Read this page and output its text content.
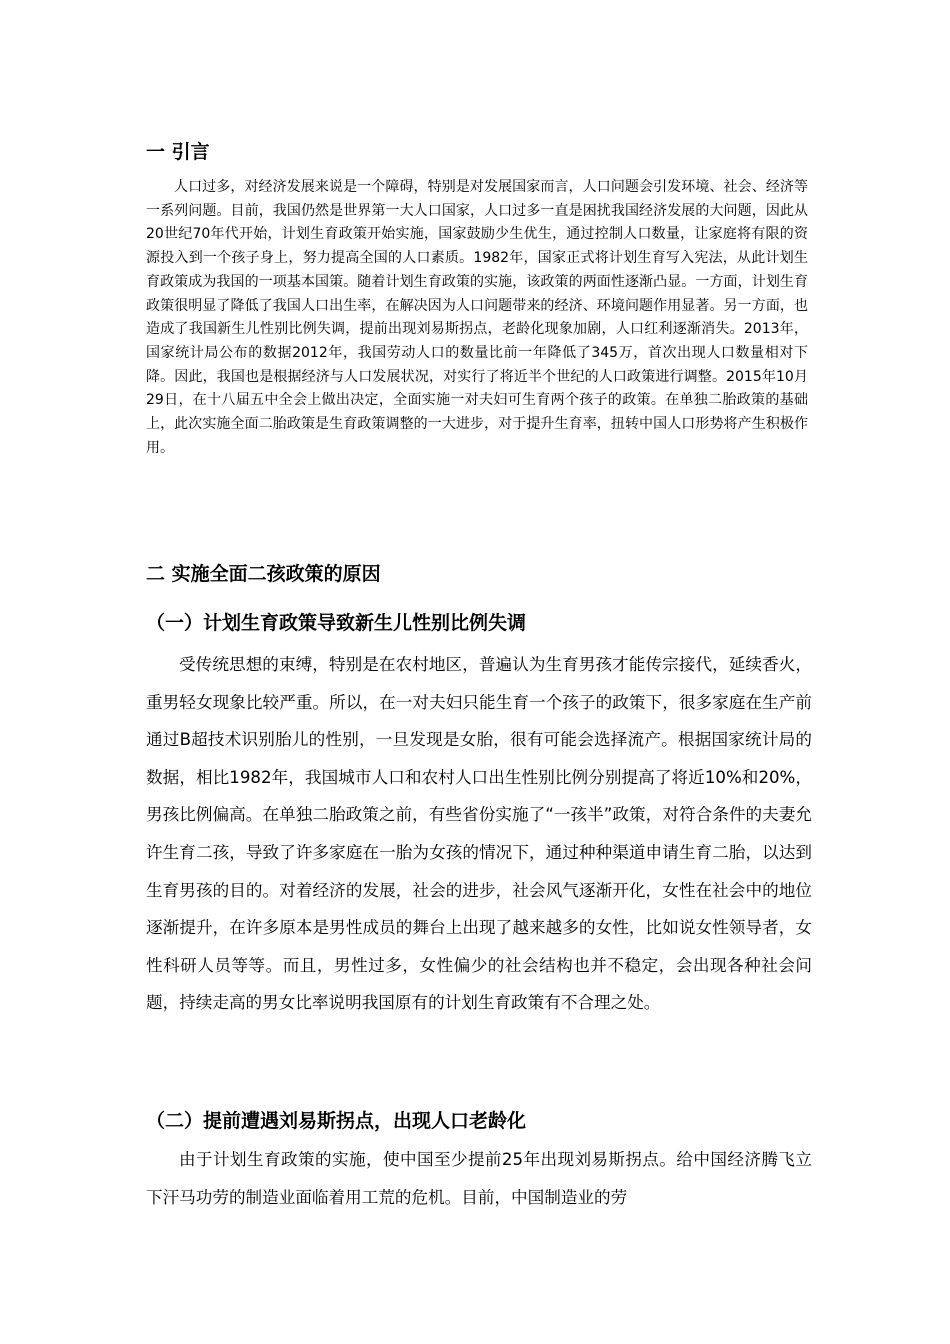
一 引言

人口过多，对经济发展来说是一个障碍，特别是对发展国家而言，人口问题会引发环境、社会、经济等一系列问题。目前，我国仍然是世界第一大人口国家，人口过多一直是困扰我国经济发展的大问题，因此从20世纪70年代开始，计划生育政策开始实施，国家鼓励少生优生，通过控制人口数量，让家庭将有限的资源投入到一个孩子身上，努力提高全国的人口素质。1982年，国家正式将计划生育写入宪法，从此计划生育政策成为我国的一项基本国策。随着计划生育政策的实施，该政策的两面性逐渐凸显。一方面，计划生育政策很明显了降低了我国人口出生率，在解决因为人口问题带来的经济、环境问题作用显著。另一方面，也造成了我国新生儿性别比例失调，提前出现刘易斯拐点，老龄化现象加剧，人口红利逐渐消失。2013年，国家统计局公布的数据2012年，我国劳动人口的数量比前一年降低了345万，首次出现人口数量相对下降。因此，我国也是根据经济与人口发展状况，对实行了将近半个世纪的人口政策进行调整。2015年10月29日，在十八届五中全会上做出决定，全面实施一对夫妇可生育两个孩子的政策。在单独二胎政策的基础上，此次实施全面二胎政策是生育政策调整的一大进步，对于提升生育率，扭转中国人口形势将产生积极作用。

二 实施全面二孩政策的原因
（一）计划生育政策导致新生儿性别比例失调

受传统思想的束缚，特别是在农村地区，普遍认为生育男孩才能传宗接代，延续香火，重男轻女现象比较严重。所以，在一对夫妇只能生育一个孩子的政策下，很多家庭在生产前通过B超技术识别胎儿的性别，一旦发现是女胎，很有可能会选择流产。根据国家统计局的数据，相比1982年，我国城市人口和农村人口出生性别比例分别提高了将近10%和20%，男孩比例偏高。在单独二胎政策之前，有些省份实施了“一孩半”政策，对符合条件的夫妻允许生育二孩，导致了许多家庭在一胎为女孩的情况下，通过种种渠道申请生育二胎，以达到生育男孩的目的。对着经济的发展，社会的进步，社会风气逐渐开化，女性在社会中的地位逐渐提升，在许多原本是男性成员的舞台上出现了越来越多的女性，比如说女性领导者，女性科研人员等等。而且，男性过多，女性偏少的社会结构也并不稳定，会出现各种社会问题，持续走高的男女比率说明我国原有的计划生育政策有不合理之处。

（二）提前遭遇刘易斯拐点，出现人口老龄化

由于计划生育政策的实施，使中国至少提前25年出现刘易斯拐点。给中国经济腾飞立下汗马功劳的制造业面临着用工荒的危机。目前，中国制造业的劳
